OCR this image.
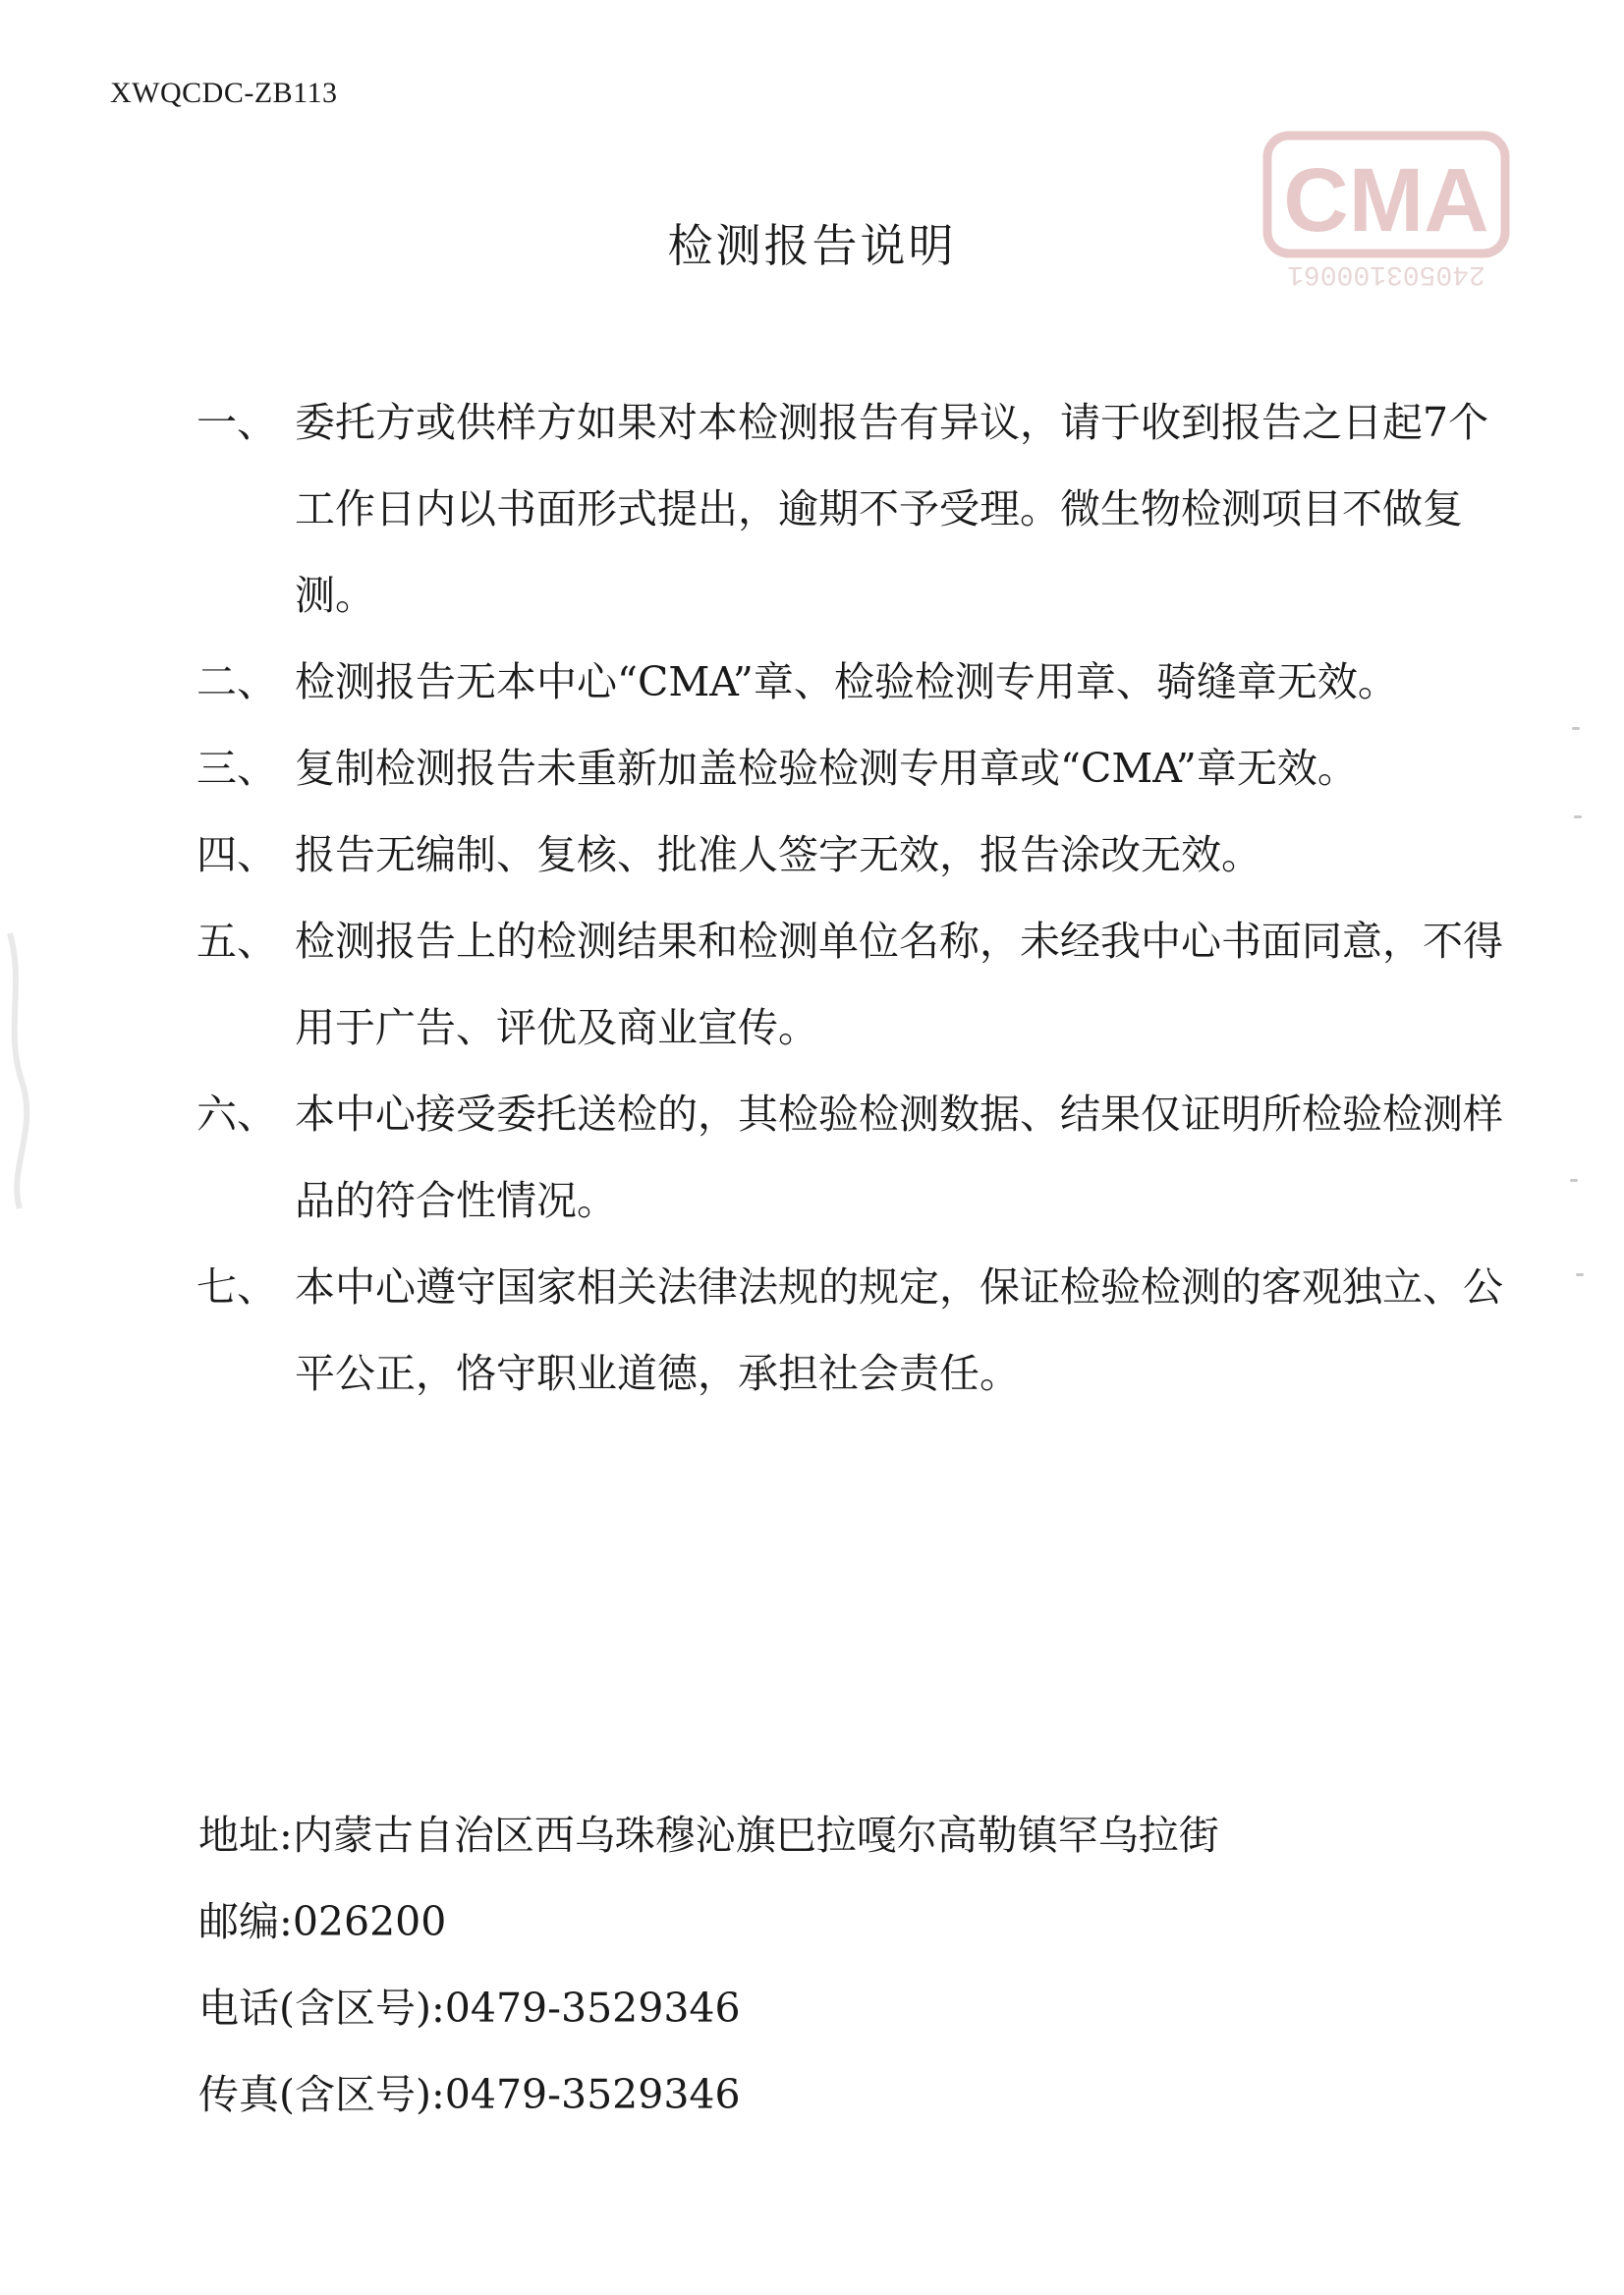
XWQCDC-ZB113
CMA
240503100061
检测报告说明
一、 委托方或供样方如果对本检测报告有异议，请于收到报告之日起7个工作日内以书面形式提出，逾期不予受理。微生物检测项目不做复测。
二、 检测报告无本中心“CMA”章、检验检测专用章、骑缝章无效。
三、 复制检测报告未重新加盖检验检测专用章或“CMA”章无效。
四、 报告无编制、复核、批准人签字无效，报告涂改无效。
五、 检测报告上的检测结果和检测单位名称，未经我中心书面同意，不得用于广告、评优及商业宣传。
六、 本中心接受委托送检的，其检验检测数据、结果仅证明所检验检测样品的符合性情况。
七、 本中心遵守国家相关法律法规的规定，保证检验检测的客观独立、公平公正，恪守职业道德，承担社会责任。
地址:内蒙古自治区西乌珠穆沁旗巴拉嘎尔高勒镇罕乌拉街
邮编:026200
电话(含区号):0479-3529346
传真(含区号):0479-3529346
